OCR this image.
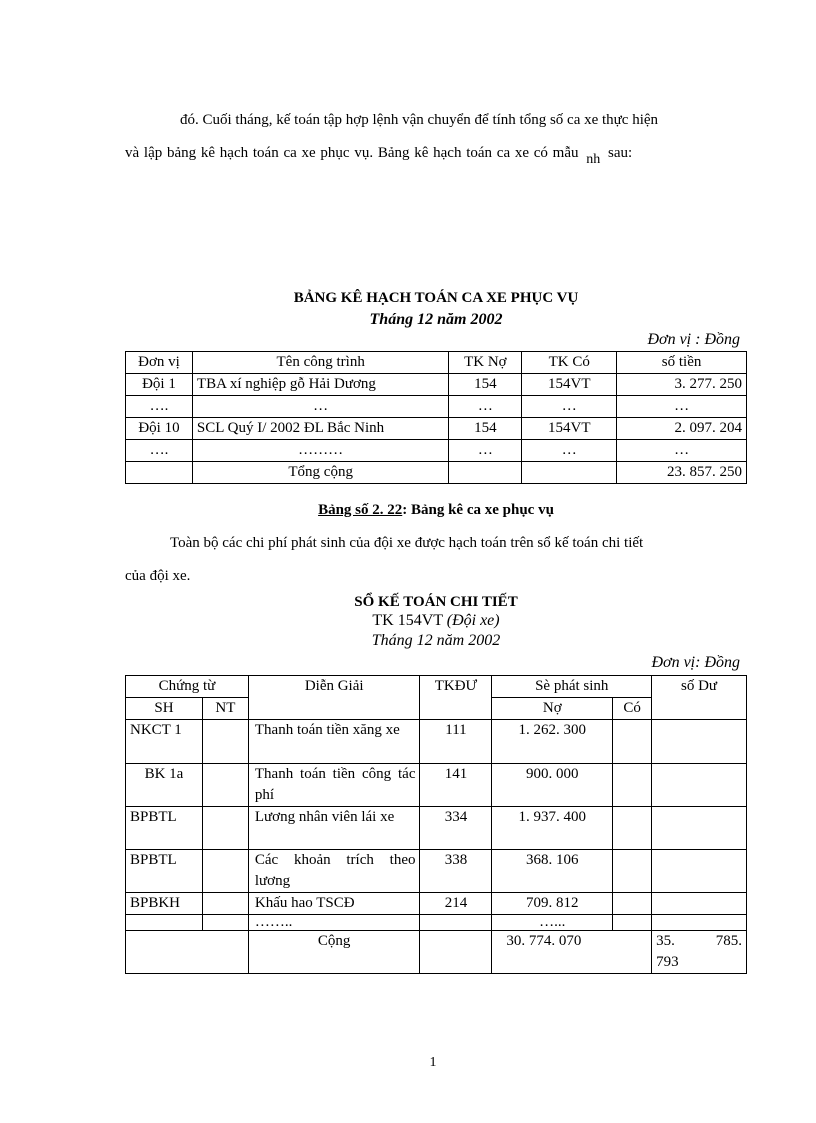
đó. Cuối tháng, kế toán tập hợp lệnh vận chuyển để tính tổng số ca xe thực hiện
và lập bảng kê hạch toán ca xe phục vụ. Bảng kê hạch toán ca xe có mẫu nh sau:
BẢNG KÊ HẠCH TOÁN CA XE PHỤC VỤ
Tháng 12 năm 2002
Đơn vị : Đồng
Đơn vị	Tên công trình	TK Nợ	TK Có	số tiền
Đội 1	TBA xí nghiệp gỗ Hải Dương	154	154VT	3. 277. 250
….	…	…	…	…
Đội 10	SCL Quý I/ 2002 ĐL Bắc Ninh	154	154VT	2. 097. 204
….	………	…	…	…
	Tổng cộng			23. 857. 250
Bảng số 2. 22: Bảng kê ca xe phục vụ
Toàn bộ các chi phí phát sinh của đội xe được hạch toán trên sổ kế toán chi tiết
của đội xe.
SỔ KẾ TOÁN CHI TIẾT
TK 154VT (Đội xe)
Tháng 12 năm 2002
Đơn vị: Đồng
Chứng từ		Diễn Giải	TKĐƯ	Sè phát sinh		số Dư
SH	NT			Nợ	Có	
NKCT 1		Thanh toán tiền xăng xe	111	1. 262. 300		
BK 1a		Thanh toán tiền công tác phí	141	900. 000		
BPBTL		Lương nhân viên lái xe	334	1. 937. 400		
BPBTL		Các khoản trích theo lương	338	368. 106		
BPBKH		Khấu hao TSCĐ	214	709. 812		
		……..		…...		
		Cộng		30. 774. 070		35. 785.
793
1
